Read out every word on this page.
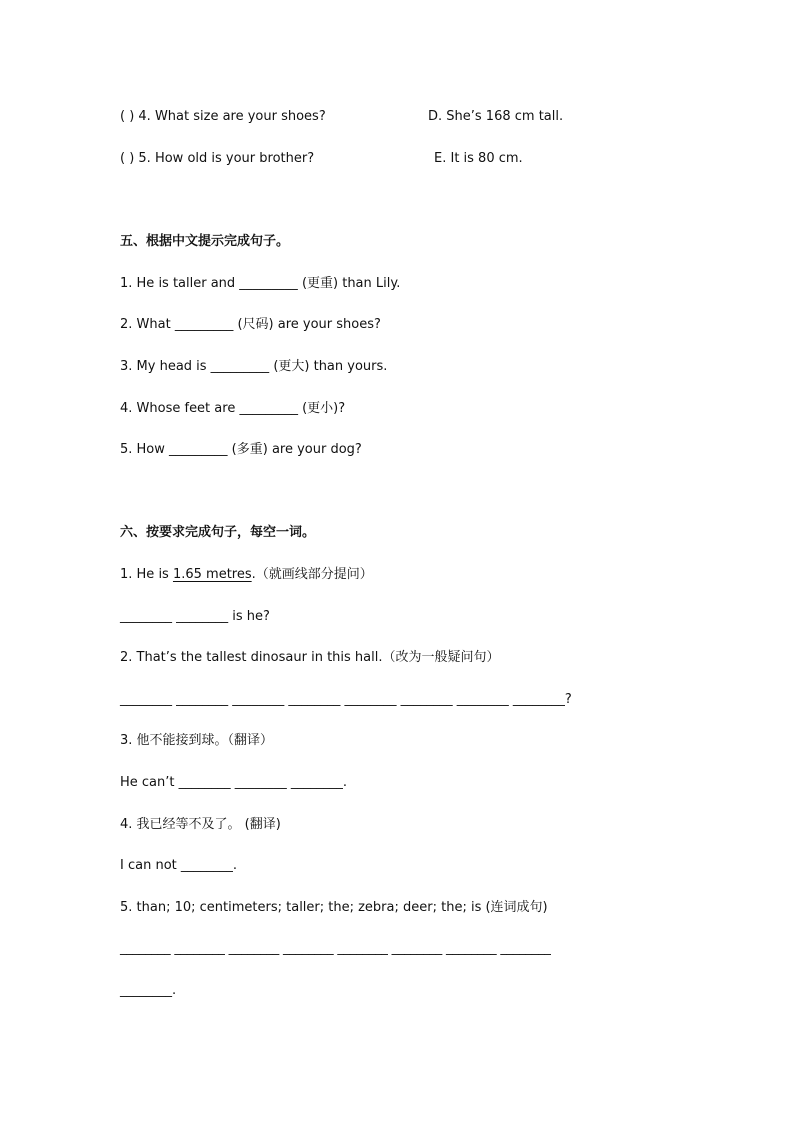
( ) 4. What size are your shoes?	D. She’s 168 cm tall.
( ) 5. How old is your brother?	E. It is 80 cm.
五、根据中文提示完成句子。
1. He is taller and _________ (更重) than Lily.
2. What _________ (尺码) are your shoes?
3. My head is _________ (更大) than yours.
4. Whose feet are _________ (更小)?
5. How _________ (多重) are your dog?
六、按要求完成句子，每空一词。
1. He is 1.65 metres.（就画线部分提问）
________ ________ is he?
2. That’s the tallest dinosaur in this hall.（改为一般疑问句）
________ ________ ________ ________ ________ ________ ________ ________?
3. 他不能接到球。（翻译）
He can’t ________ ________ ________.
4. 我已经等不及了。 (翻译)
I can not ________.
5. than; 10; centimeters; taller; the; zebra; deer; the; is (连词成句)
________ ________ ________ ________ ________ ________ ________ ________
________.
